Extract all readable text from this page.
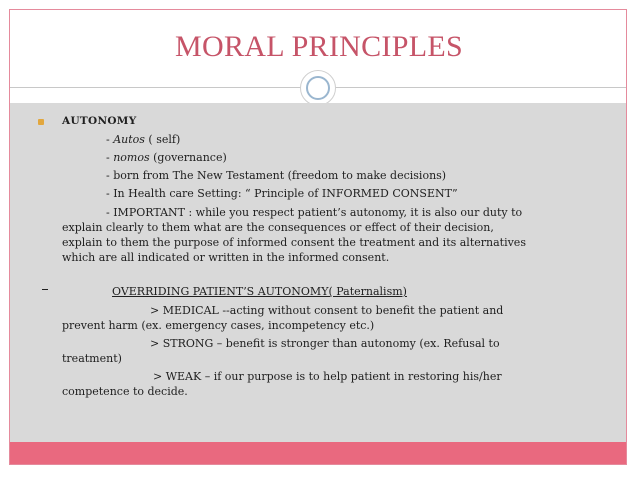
MORAL PRINCIPLES
AUTONOMY
- Autos ( self)
- nomos (governance)
- born from The New Testament (freedom to make decisions)
- In Health care Setting: “ Principle of INFORMED CONSENT”
- IMPORTANT : while you respect patient’s autonomy, it is also our duty to
explain clearly to them what are the consequences or effect of their decision,
explain to them the purpose of informed consent the treatment and its alternatives
which are all indicated or written in the informed consent.
OVERRIDING PATIENT’S AUTONOMY( Paternalism)
> MEDICAL --acting without consent to benefit the patient and
prevent harm (ex. emergency cases, incompetency etc.)
> STRONG – benefit is stronger than autonomy (ex. Refusal to
treatment)
> WEAK – if our purpose is to help patient in restoring his/her
competence to decide.
